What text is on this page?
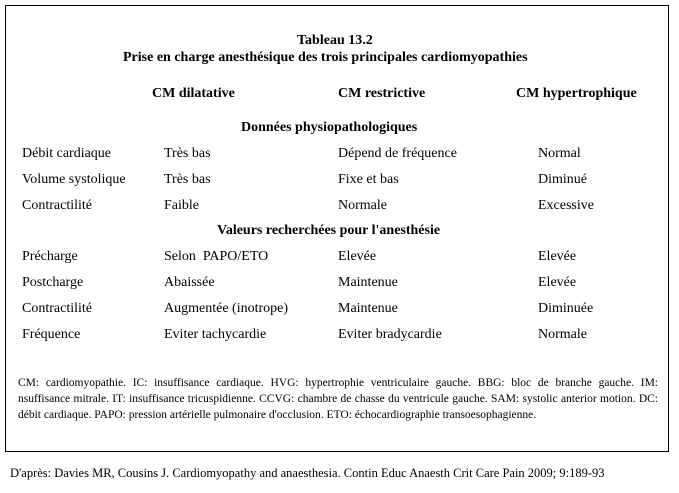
Tableau 13.2
Prise en charge anesthésique des trois principales cardiomyopathies
CM dilatative	CM restrictive	CM hypertrophique
Données physiopathologiques
Débit cardiaque	Très bas	Dépend de fréquence	Normal
Volume systolique	Très bas	Fixe et bas	Diminué
Contractilité	Faible	Normale	Excessive
Valeurs recherchées pour l'anesthésie
Précharge	Selon  PAPO/ETO	Elevée	Elevée
Postcharge	Abaissée	Maintenue	Elevée
Contractilité	Augmentée (inotrope)	Maintenue	Diminuée
Fréquence	Eviter tachycardie	Eviter bradycardie	Normale
CM: cardiomyopathie. IC: insuffisance cardiaque. HVG: hypertrophie ventriculaire gauche. BBG: bloc de branche gauche. IM: nsuffisance mitrale. IT: insuffisance tricuspidienne. CCVG: chambre de chasse du ventricule gauche. SAM: systolic anterior motion. DC: débit cardiaque. PAPO: pression artérielle pulmonaire d'occlusion. ETO: échocardiographie transoesophagienne.
D'après: Davies MR, Cousins J. Cardiomyopathy and anaesthesia. Contin Educ Anaesth Crit Care Pain 2009; 9:189-93
